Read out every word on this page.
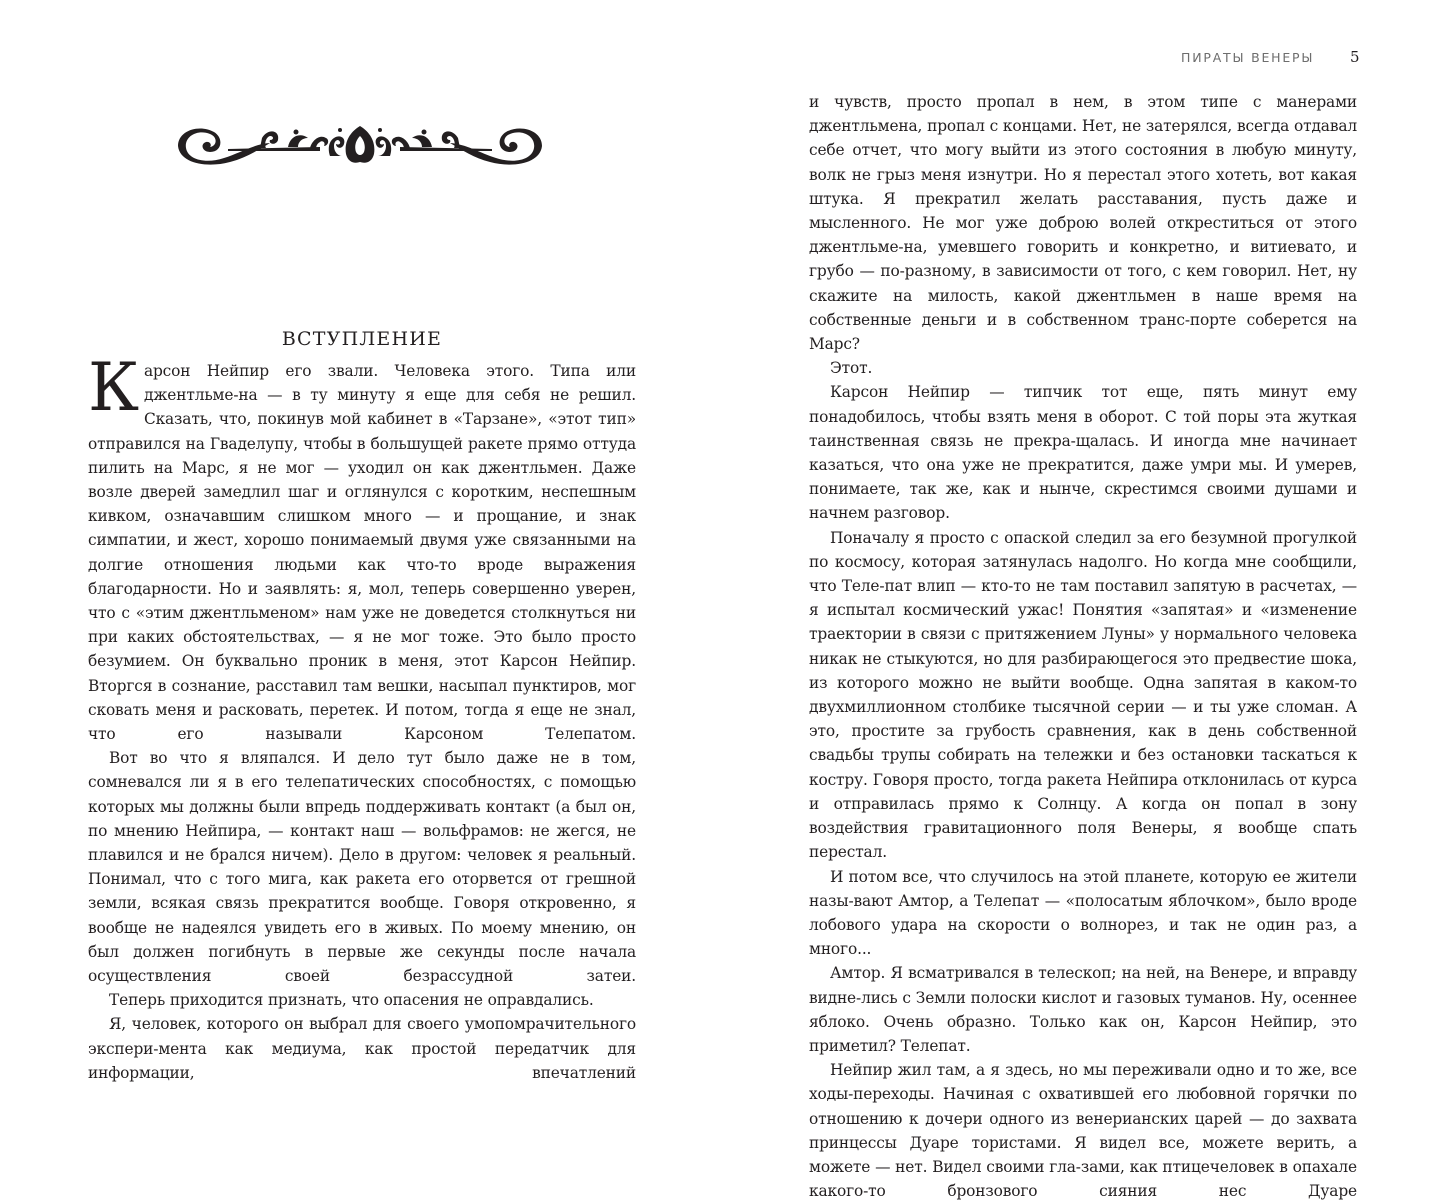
ВСТУПЛЕНИЕ

Карсон Нейпир его звали. Человека этого. Типа или джентльме-на — в ту минуту я еще для себя не решил. Сказать, что, покинув мой кабинет в «Тарзане», «этот тип» отправился на Гваделупу, чтобы в большущей ракете прямо оттуда пилить на Марс, я не мог — уходил он как джентльмен. Даже возле дверей замедлил шаг и оглянулся с коротким, неспешным кивком, означавшим слишком много — и прощание, и знак симпатии, и жест, хорошо понимаемый двумя уже связанными на долгие отношения людьми как что-то вроде выражения благодарности. Но и заявлять: я, мол, теперь совершенно уверен, что с «этим джентльменом» нам уже не доведется столкнуться ни при каких обстоятельствах, — я не мог тоже. Это было просто безумием. Он буквально проник в меня, этот Карсон Нейпир. Вторгся в сознание, расставил там вешки, насыпал пунктиров, мог сковать меня и расковать, перетек. И потом, тогда я еще не знал, что его называли Карсоном Телепатом.

Вот во что я вляпался. И дело тут было даже не в том, сомневался ли я в его телепатических способностях, с помощью которых мы должны были впредь поддерживать контакт (а был он, по мнению Нейпира, — контакт наш — вольфрамов: не жегся, не плавился и не брался ничем). Дело в другом: человек я реальный. Понимал, что с того мига, как ракета его оторвется от грешной земли, всякая связь прекратится вообще. Говоря откровенно, я вообще не надеялся увидеть его в живых. По моему мнению, он был должен погибнуть в первые же секунды после начала осуществления своей безрассудной затеи.

Теперь приходится признать, что опасения не оправдались.

Я, человек, которого он выбрал для своего умопомрачительного экспери-мента как медиума, как простой передатчик для информации, впечатлений

ПИРАТЫ ВЕНЕРЫ 5

и чувств, просто пропал в нем, в этом типе с манерами джентльмена, пропал с концами. Нет, не затерялся, всегда отдавал себе отчет, что могу выйти из этого состояния в любую минуту, волк не грыз меня изнутри. Но я перестал этого хотеть, вот какая штука. Я прекратил желать расставания, пусть даже и мысленного. Не мог уже доброю волей откреститься от этого джентльме-на, умевшего говорить и конкретно, и витиевато, и грубо — по-разному, в зависимости от того, с кем говорил. Нет, ну скажите на милость, какой джентльмен в наше время на собственные деньги и в собственном транс-порте соберется на Марс?

Этот.

Карсон Нейпир — типчик тот еще, пять минут ему понадобилось, чтобы взять меня в оборот. С той поры эта жуткая таинственная связь не прекра-щалась. И иногда мне начинает казаться, что она уже не прекратится, даже умри мы. И умерев, понимаете, так же, как и нынче, скрестимся своими душами и начнем разговор.

Поначалу я просто с опаской следил за его безумной прогулкой по космосу, которая затянулась надолго. Но когда мне сообщили, что Теле-пат влип — кто-то не там поставил запятую в расчетах, — я испытал космический ужас! Понятия «запятая» и «изменение траектории в связи с притяжением Луны» у нормального человека никак не стыкуются, но для разбирающегося это предвестие шока, из которого можно не выйти вообще. Одна запятая в каком-то двухмиллионном столбике тысячной серии — и ты уже сломан. А это, простите за грубость сравнения, как в день собственной свадьбы трупы собирать на тележки и без остановки таскаться к костру. Говоря просто, тогда ракета Нейпира отклонилась от курса и отправилась прямо к Солнцу. А когда он попал в зону воздействия гравитационного поля Венеры, я вообще спать перестал.

И потом все, что случилось на этой планете, которую ее жители назы-вают Амтор, а Телепат — «полосатым яблочком», было вроде лобового удара на скорости о волнорез, и так не один раз, а много...

Амтор. Я всматривался в телескоп; на ней, на Венере, и вправду видне-лись с Земли полоски кислот и газовых туманов. Ну, осеннее яблоко. Очень образно. Только как он, Карсон Нейпир, это приметил? Телепат.

Нейпир жил там, а я здесь, но мы переживали одно и то же, все ходы-переходы. Начиная с охватившей его любовной горячки по отношению к дочери одного из венерианских царей — до захвата принцессы Дуаре тористами. Я видел все, можете верить, а можете — нет. Видел своими гла-зами, как птицечеловек в опахале какого-то бронзового сияния нес Дуаре
